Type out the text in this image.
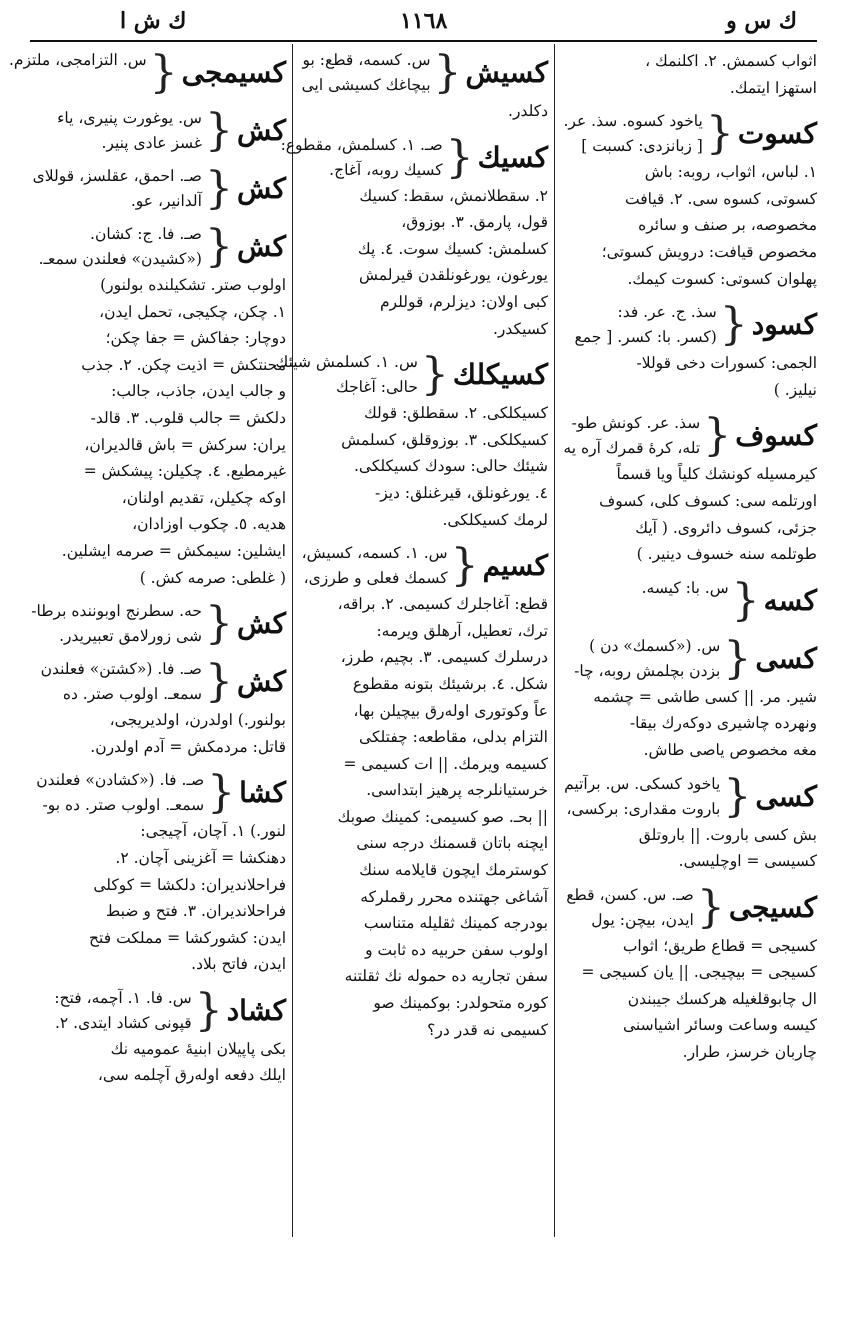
ك ش ا	۱۱٦۸	ك س و

اثواب كسمش. ٢. اكلنمك ،

استهزا ايتمك.

كسوت
{

ياخود كسوه. سذ. عر.

[ زبانزدى: كسبت ]

١. لباس، اثواب، روبه: باش

كسوتى، كسوه سى. ٢. قيافت

مخصوصه، بر صنف و سائره

مخصوص قيافت: درويش كسوتى؛

پهلوان كسوتى: كسوت كيمك.

كسود
{

سذ. ج. عر. فد:

(كسر. با: كسر. [ جمع

الجمى: كسورات دخى قوللا-

نيليز. )

كسوف
{

سذ. عر. كونش طو-

تله، كرۀ قمرك آره يه

كيرمسيله كونشك كلياً ويا قسماً

اورتلمه سى: كسوف كلى، كسوف

جزئى، كسوف دائروى. ( آيك

طوتلمه سنه خسوف دينير. )

كسه
{

س. با: كيسه.

كسى
{

س. («كسمك» دن )

بزدن بچلمش روبه، چا-

شير. مر. || كسى طاشى = چشمه

ونهرده چاشيرى دوكه‌رك بيقا-

مغه مخصوص ياصى طاش.

كسى
{

ياخود كسكى. س. برآتيم

باروت مقدارى: بركسى،

بش كسى باروت. || باروتلق

كسيسى = اوچليسى.

كسيجى
{

صـ. س. كسن، قطع

ايدن، بيچن: يول

كسيجى = قطاع طريق؛ اثواب

كسيجى = بيچيجى. || يان كسيجى =

ال چابوقلغيله هركسك جيبندن

كيسه وساعت وسائر اشياسنى

چاربان خرسز، طرار.

كسيش
{

س. كسمه، قطع: بو

بيچاغك كسيشى ايى

دكلدر.

كسيك
{

صـ. ١. كسلمش، مقطوع:

كسيك روبه، آغاج.

٢. سقطلانمش، سقط: كسيك

قول، پارمق. ٣. بوزوق،

كسلمش: كسيك سوت. ٤. پك

يورغون، يورغونلقدن قيرلمش

كبى اولان: دیزلرم، قوللرم

كسيكدر.

كسيكلك
{

س. ١. كسلمش شيئك

حالى: آغاجك

كسيكلكى. ٢. سقطلق: قولك

كسيكلكى. ٣. بوزوقلق، كسلمش

شيئك حالى: سودك كسيكلكى.

٤. يورغونلق، قيرغنلق: دیز-

لرمك كسيكلكى.

كسيم
{

س. ١. كسمه، كسيش،

كسمك فعلى و طرزى،

قطع: آغاجلرك كسيمى. ٢. براقه،

ترك، تعطيل، آرهلق ويرمه:

درسلرك كسيمى. ٣. بچيم، طرز،

شكل. ٤. برشيئك بتونه مقطوع

عاً وكوتورى اوله‌رق بيچيلن بها،

التزام بدلى، مقاطعه: چفتلكى

كسيمه ويرمك. || ات كسيمى =

خرستيانلرجه پرهيز ابتداسى.

|| بحـ. صو كسيمى: كمينك صوبك

ايچنه باتان قسمنك درجه سنى

كوسترمك ايچون قايلامه سنك

آشاغى جهتنده محرر رقملركه

بودرجه كمينك ثقليله متناسب

اولوب سفن حربيه ده ثابت و

سفن تجاريه ده حموله نك ثقلتنه

كوره متحولدر: بوكمينك صو

كسيمى نه قدر در؟

كسيمجى
{

س. التزامجى، ملتزم.

كش
{

س. يوغورت پنيرى، ياء

غسز عادى پنير.

كش
{

صـ. احمق، عقلسز، قوللاى

آلدانير، عو.

كش
{

صـ. فا. ج: كشان.

(«كشيدن» فعلندن سمعـ.

اولوب صتر. تشكيلنده بولنور)

١. چكن، چكيجى، تحمل ايدن،

دوچار: جفاكش = جفا چكن؛

محنتكش = اذيت چكن. ٢. جذب

و جالب ايدن، جاذب، جالب:

دلكش = جالب قلوب. ٣. قالد-

يران: سركش = باش قالديران،

غيرمطيع. ٤. چكيلن: پيشكش =

اوكه چكيلن، تقديم اولنان،

هديه. ٥. چكوب اوزادان،

ايشلين: سيمكش = صرمه ايشلين.

( غلطى: صرمه كش. )

كش
{

حه. سطرنج اوبوننده برطا-

شى زورلامق تعبيريدر.

كش
{

صـ. فا. («كشتن» فعلندن

سمعـ. اولوب صتر. ده

بولنور.) اولدرن، اولديريجى،

قاتل: مردمكش = آدم اولدرن.

كشا
{

صـ. فا. («كشادن» فعلندن

سمعـ. اولوب صتر. ده بو-

لنور.) ١. آچان، آچيجى:

دهنكشا = آغزينى آچان. ٢.

فراحلانديران: دلكشا = كوكلى

فراحلانديران. ٣. فتح و ضبط

ايدن: كشوركشا = مملكت فتح

ايدن، فاتح بلاد.

كشاد
{

س. فا. ١. آچمه، فتح:

قپونى كشاد ايتدى. ٢.

بكى پاپيلان ابنيۀ عموميه نك

ايلك دفعه اوله‌رق آچلمه سى،
